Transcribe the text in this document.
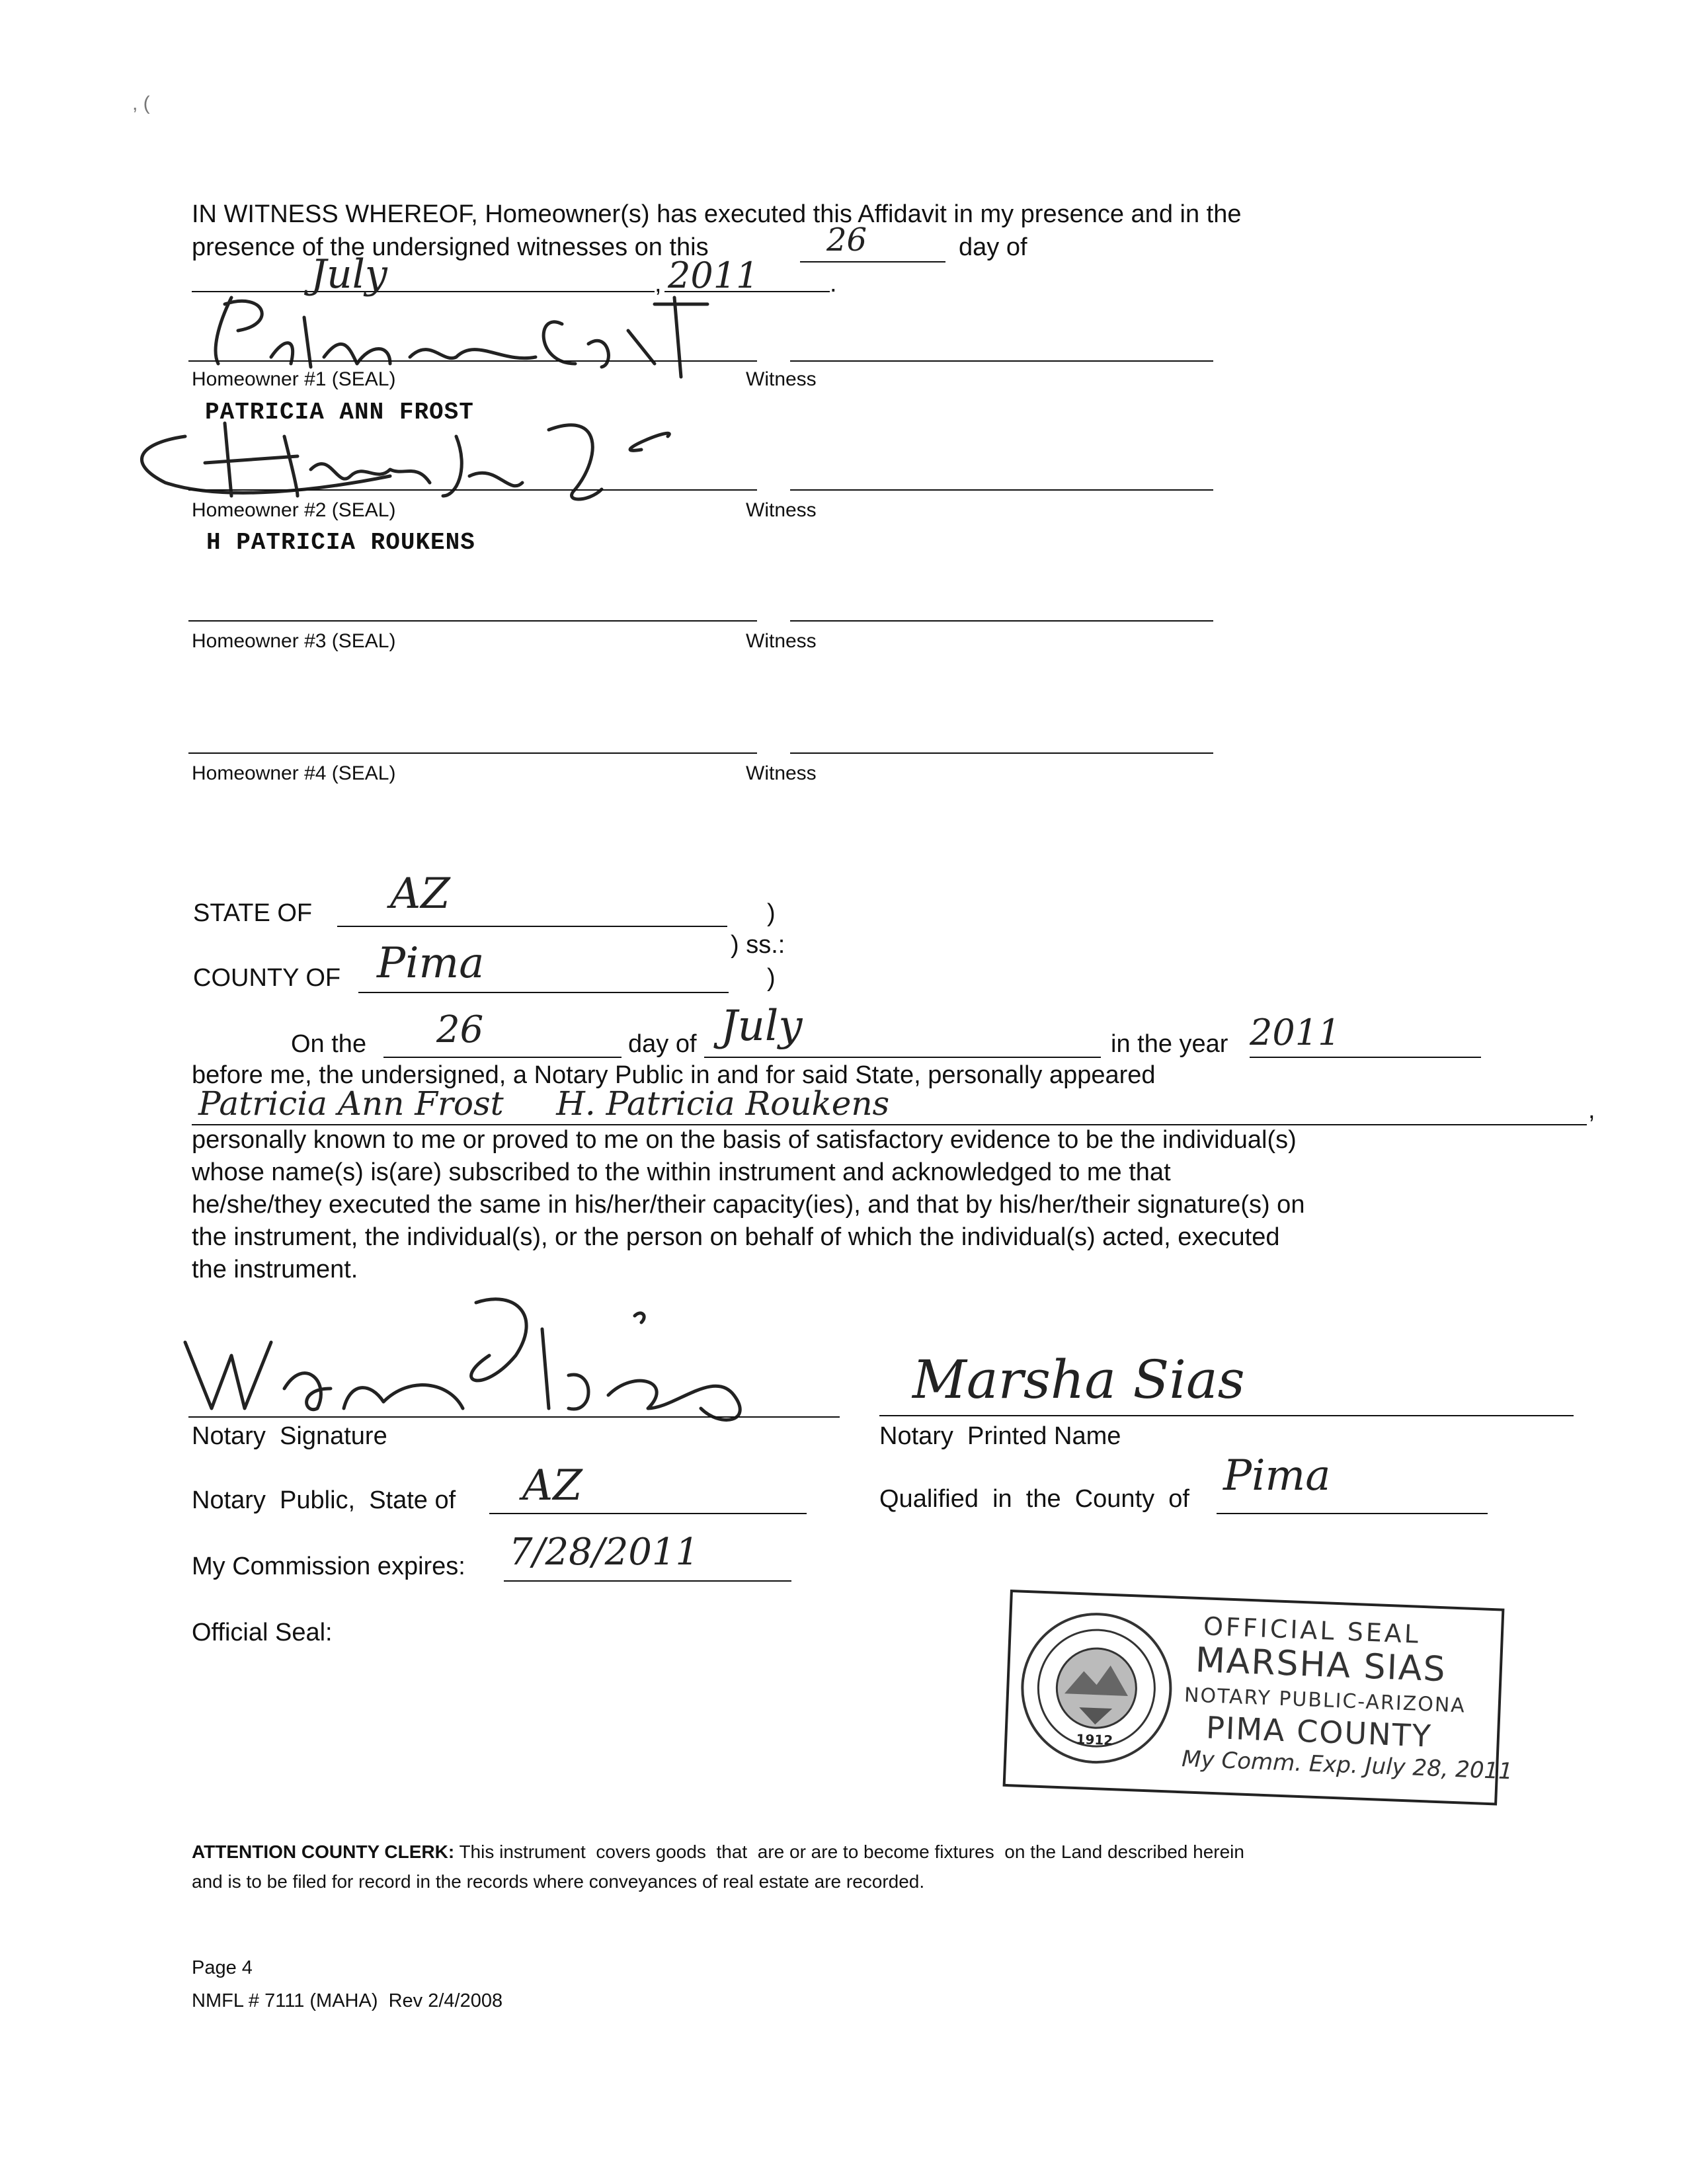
, (
IN WITNESS WHEREOF, Homeowner(s) has executed this Affidavit in my presence and in the
presence of the undersigned witnesses on this	26	day of
July	, 2011	.
Homeowner #1 (SEAL)	Witness
PATRICIA ANN FROST
Homeowner #2 (SEAL)	Witness
H PATRICIA ROUKENS
Homeowner #3 (SEAL)	Witness
Homeowner #4 (SEAL)	Witness
STATE OF AZ	)
) ss.:
COUNTY OF Pima	)
On the 26	day of July	in the year 2011
before me, the undersigned, a Notary Public in and for said State, personally appeared
Patricia Ann Frost     H. Patricia Roukens	,
personally known to me or proved to me on the basis of satisfactory evidence to be the individual(s)
whose name(s) is(are) subscribed to the within instrument and acknowledged to me that
he/she/they executed the same in his/her/their capacity(ies), and that by his/her/their signature(s) on
the instrument, the individual(s), or the person on behalf of which the individual(s) acted, executed
the instrument.
Notary  Signature
Marsha Sias
Notary  Printed Name
Notary  Public,  State of AZ	Qualified  in  the  County  of Pima
My Commission expires: 7/28/2011
Official Seal:
1912
OFFICIAL SEAL
MARSHA SIAS
NOTARY PUBLIC-ARIZONA
PIMA COUNTY
My Comm. Exp. July 28, 2011
ATTENTION COUNTY CLERK: This instrument  covers goods  that  are or are to become fixtures  on the Land described herein
and is to be filed for record in the records where conveyances of real estate are recorded.
Page 4
NMFL # 7111 (MAHA)  Rev 2/4/2008
